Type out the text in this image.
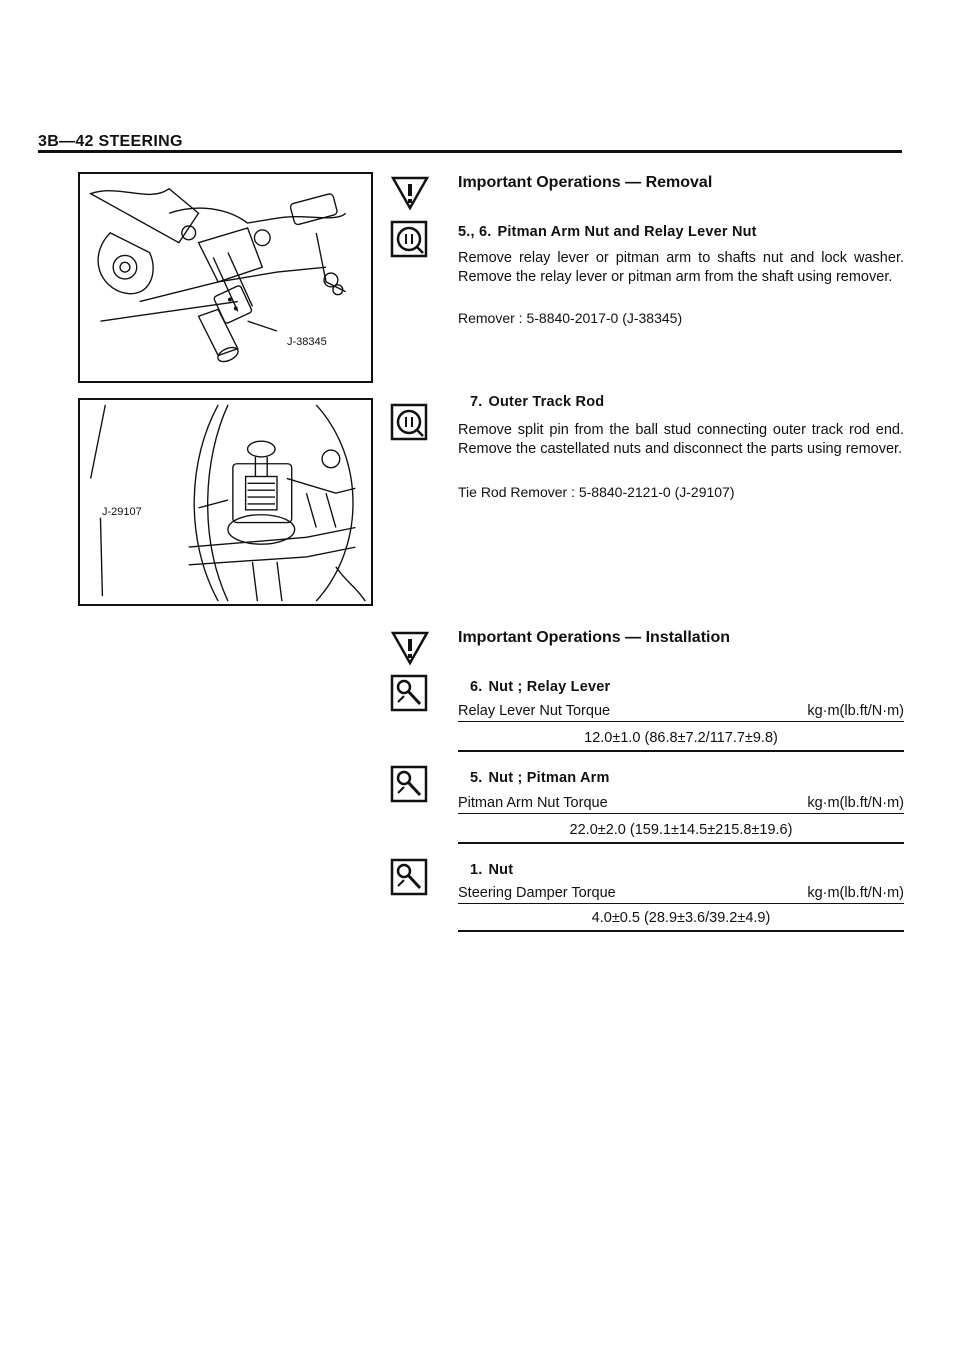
3B—42 STEERING
J-38345
J-29107
Important Operations — Removal
5., 6. Pitman Arm Nut and Relay Lever Nut
Remove relay lever or pitman arm to shafts nut and lock washer. Remove the relay lever or pitman arm from the shaft using remover.
Remover : 5-8840-2017-0 (J-38345)
7. Outer Track Rod
Remove split pin from the ball stud connecting outer track rod end. Remove the castellated nuts and disconnect the parts using remover.
Tie Rod Remover : 5-8840-2121-0 (J-29107)
Important Operations — Installation
6. Nut ; Relay Lever
Relay Lever Nut Torque	kg·m(lb.ft/N·m)
12.0±1.0 (86.8±7.2/117.7±9.8)
5. Nut ; Pitman Arm
Pitman Arm Nut Torque	kg·m(lb.ft/N·m)
22.0±2.0 (159.1±14.5±215.8±19.6)
1. Nut
Steering Damper Torque	kg·m(lb.ft/N·m)
4.0±0.5 (28.9±3.6/39.2±4.9)
